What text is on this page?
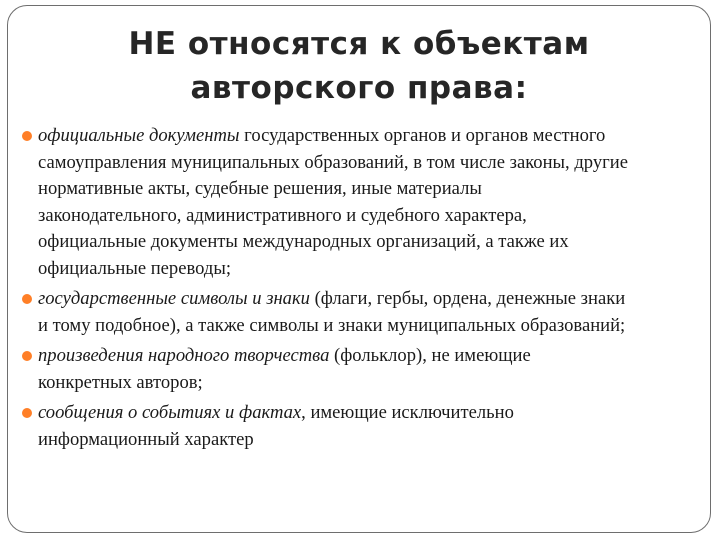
НЕ относятся к объектам
авторского права:
официальные документы государственных органов и органов местного самоуправления муниципальных образований, в том числе законы, другие нормативные акты, судебные решения, иные материалы законодательного, административного и судебного характера, официальные документы международных организаций, а также их официальные переводы;
государственные символы и знаки (флаги, гербы, ордена, денежные знаки и тому подобное), а также символы и знаки муниципальных образований;
произведения народного творчества (фольклор), не имеющие конкретных авторов;
сообщения о событиях и фактах, имеющие исключительно информационный характер
